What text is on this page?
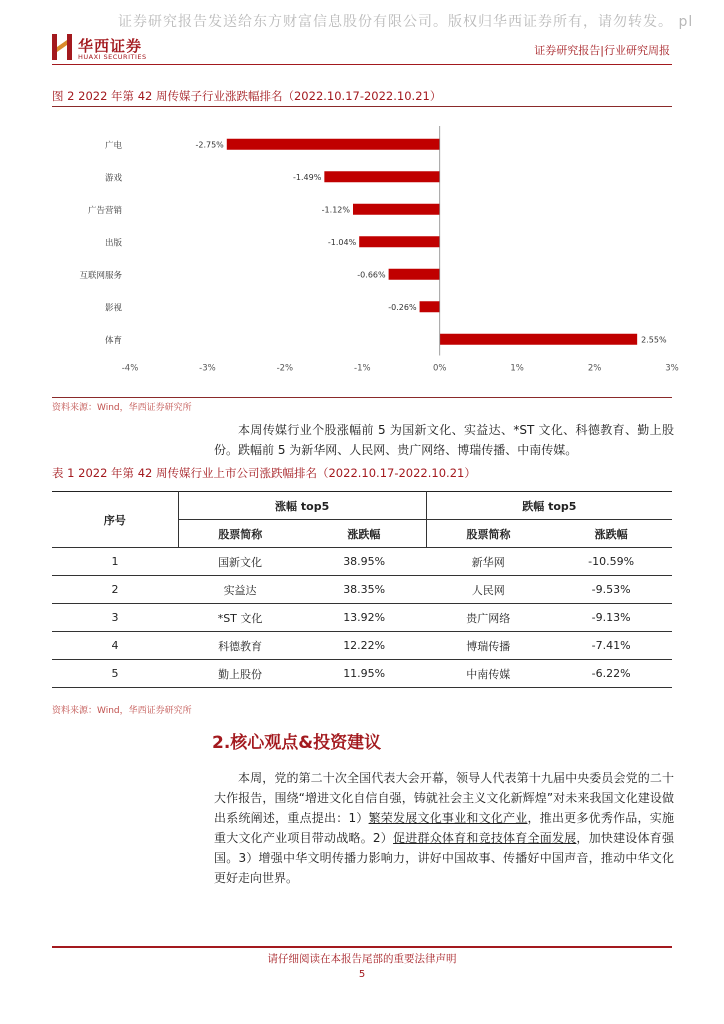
证券研究报告发送给东方财富信息股份有限公司。版权归华西证券所有，请勿转发。 pl
华西证券
HUAXI SECURITIES	证券研究报告|行业研究周报
图 2 2022 年第 42 周传媒子行业涨跌幅排名（2022.10.17-2022.10.21）
广电	-2.75%
游戏	-1.49%
广告营销	-1.12%
出版	-1.04%
互联网服务	-0.66%
影视	-0.26%
体育	2.55%
-4%	-3%	-2%	-1%	0%	1%	2%	3%
资料来源：Wind，华西证券研究所
本周传媒行业个股涨幅前 5 为国新文化、实益达、*ST 文化、科德教育、勤上股份。跌幅前 5 为新华网、人民网、贵广网络、博瑞传播、中南传媒。
表 1 2022 年第 42 周传媒行业上市公司涨跌幅排名（2022.10.17-2022.10.21）
序号	涨幅 top5		跌幅 top5	
	股票简称	涨跌幅	股票简称	涨跌幅
1	国新文化	38.95%	新华网	-10.59%
2	实益达	38.35%	人民网	-9.53%
3	*ST 文化	13.92%	贵广网络	-9.13%
4	科德教育	12.22%	博瑞传播	-7.41%
5	勤上股份	11.95%	中南传媒	-6.22%
资料来源：Wind，华西证券研究所
2.核心观点&投资建议
本周，党的第二十次全国代表大会开幕，领导人代表第十九届中央委员会党的二十大作报告，围绕“增进文化自信自强，铸就社会主义文化新辉煌”对未来我国文化建设做出系统阐述，重点提出：1）繁荣发展文化事业和文化产业，推出更多优秀作品，实施重大文化产业项目带动战略。2）促进群众体育和竞技体育全面发展，加快建设体育强国。3）增强中华文明传播力影响力，讲好中国故事、传播好中国声音，推动中华文化更好走向世界。
请仔细阅读在本报告尾部的重要法律声明
5
